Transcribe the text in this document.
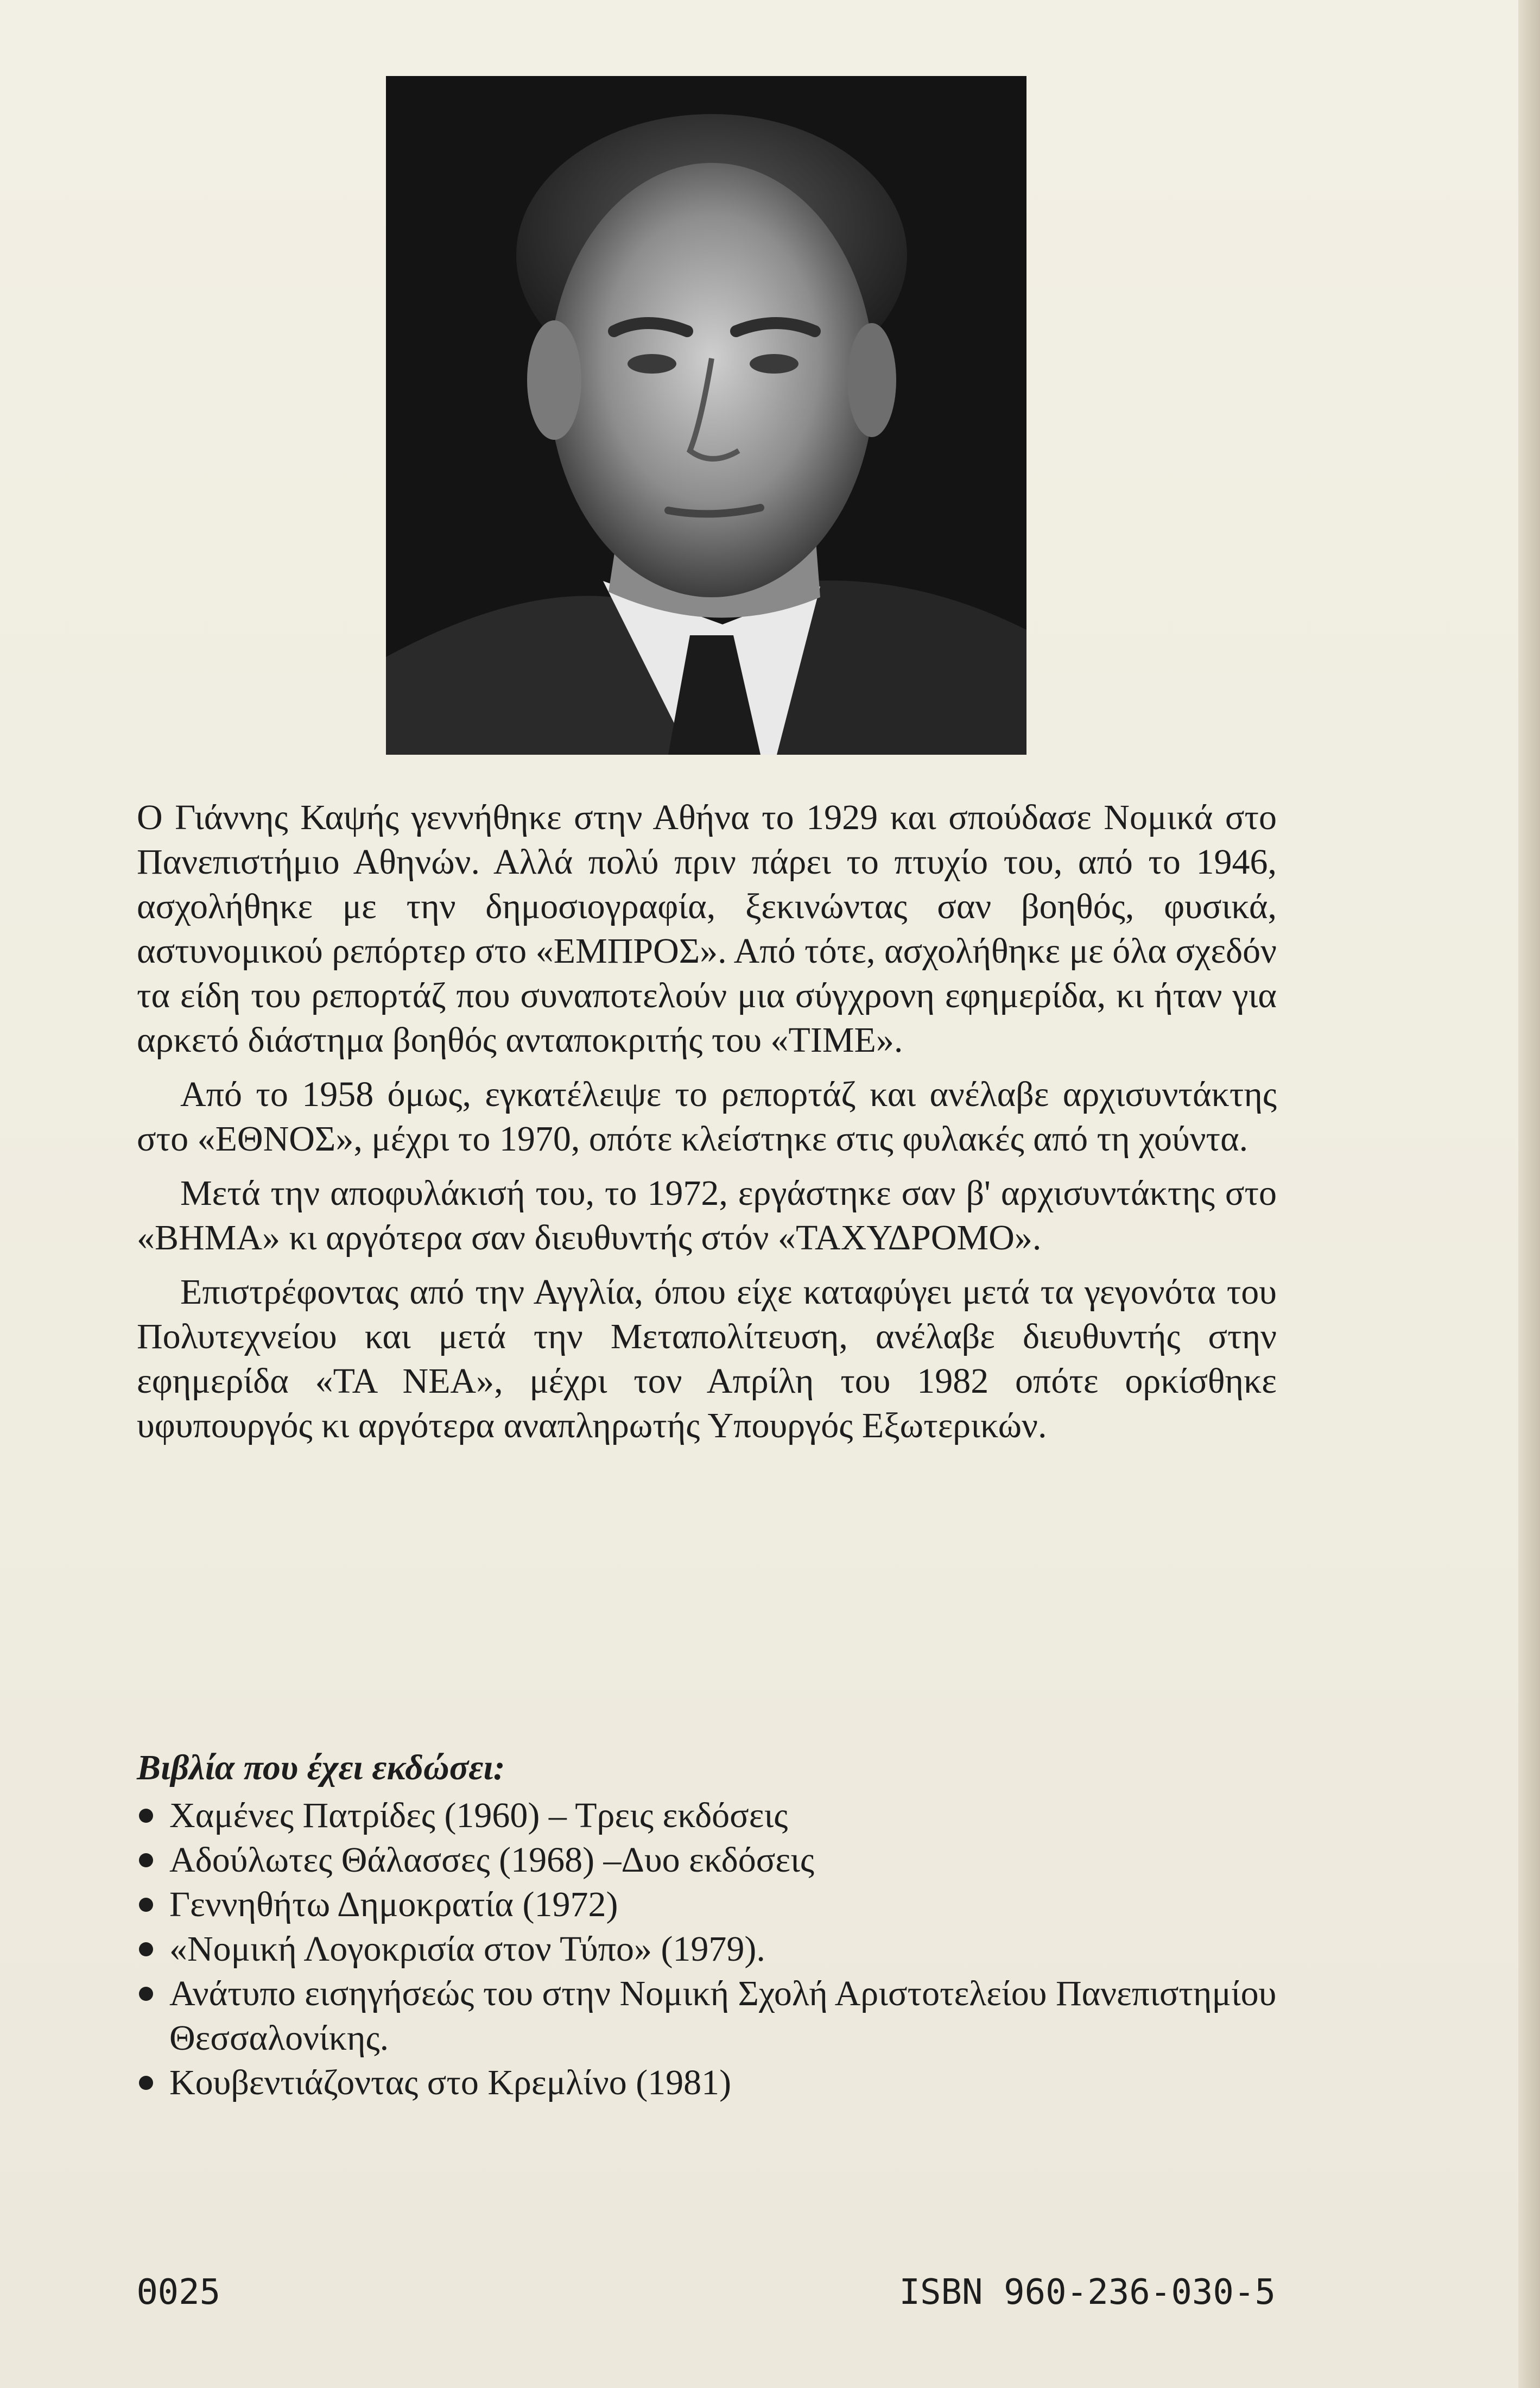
Ο Γιάννης Καψής γεννήθηκε στην Αθήνα το 1929 και σπούδασε Νομικά στο Πανεπιστήμιο Αθηνών. Αλλά πολύ πριν πάρει το πτυχίο του, από το 1946, ασχολήθηκε με την δημοσιογραφία, ξεκινώντας σαν βοηθός, φυσικά, αστυνομικού ρεπόρτερ στο «ΕΜΠΡΟΣ». Από τότε, ασχολήθηκε με όλα σχεδόν τα είδη του ρεπορτάζ που συναποτελούν μια σύγχρονη εφημερίδα, κι ήταν για αρκετό διάστημα βοηθός ανταποκριτής του «TIME».

Από το 1958 όμως, εγκατέλειψε το ρεπορτάζ και ανέλαβε αρχισυντάκτης στο «ΕΘΝΟΣ», μέχρι το 1970, οπότε κλείστηκε στις φυλακές από τη χούντα.

Μετά την αποφυλάκισή του, το 1972, εργάστηκε σαν β' αρχισυντάκτης στο «ΒΗΜΑ» κι αργότερα σαν διευθυντής στόν «ΤΑΧΥΔΡΟΜΟ».

Επιστρέφοντας από την Αγγλία, όπου είχε καταφύγει μετά τα γεγονότα του Πολυτεχνείου και μετά την Μεταπολίτευση, ανέλαβε διευθυντής στην εφημερίδα «ΤΑ ΝΕΑ», μέχρι τον Απρίλη του 1982 οπότε ορκίσθηκε υφυπουργός κι αργότερα αναπληρωτής Υπουργός Εξωτερικών.

Βιβλία που έχει εκδώσει:
Χαμένες Πατρίδες (1960) – Τρεις εκδόσεις
Αδούλωτες Θάλασσες (1968) –Δυο εκδόσεις
Γεννηθήτω Δημοκρατία (1972)
«Νομική Λογοκρισία στον Τύπο» (1979).
Ανάτυπο εισηγήσεώς του στην Νομική Σχολή Αριστοτελείου Πανεπιστημίου Θεσσαλονίκης.
Κουβεντιάζοντας στο Κρεμλίνο (1981)
Θ025	ISBN 960-236-030-5
